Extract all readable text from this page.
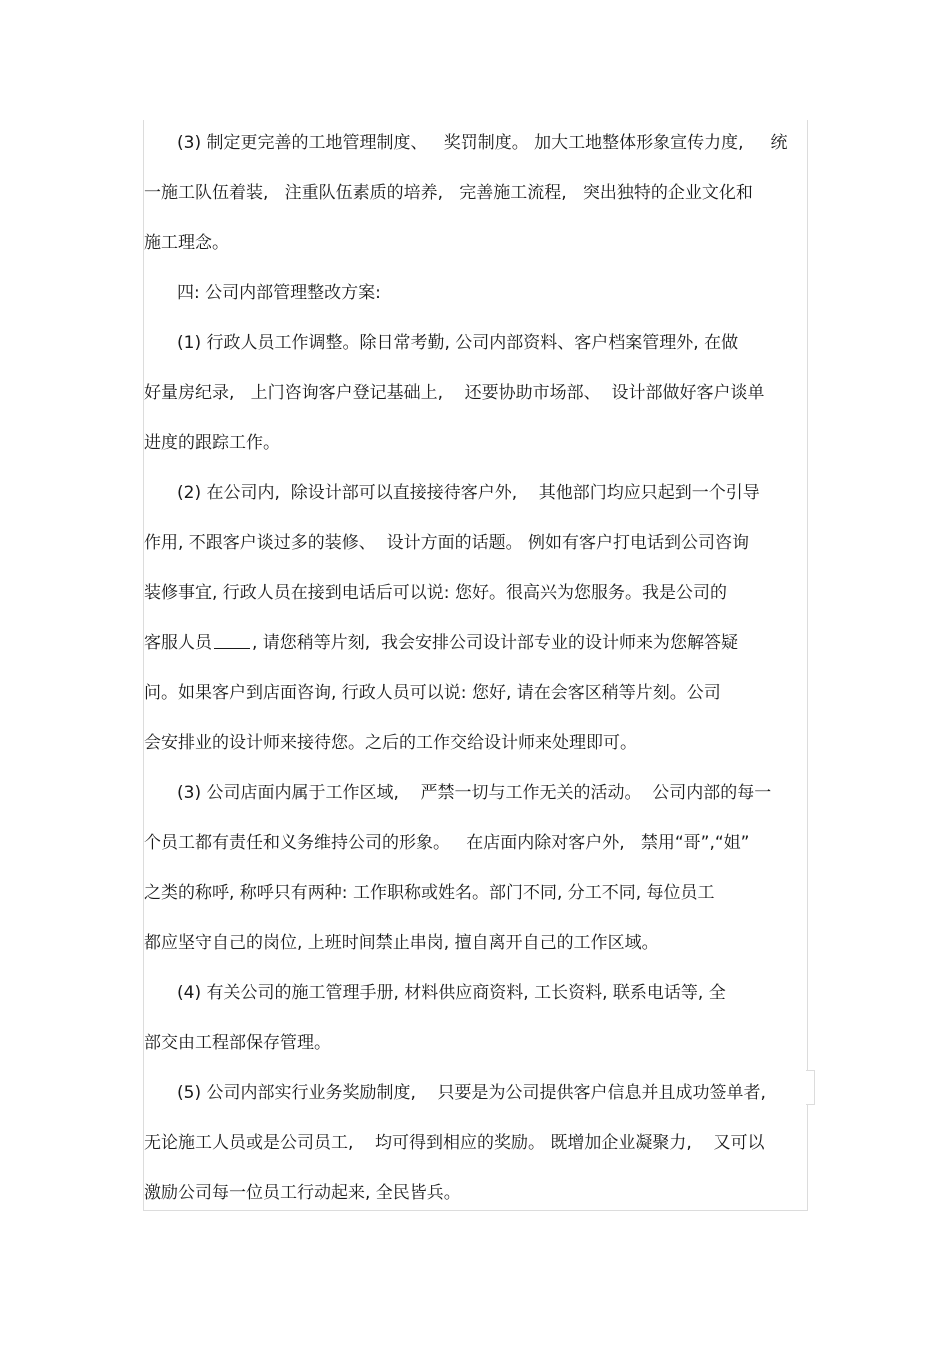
(3) 制定更完善的工地管理制度、   奖罚制度。 加大工地整体形象宣传力度,     统
一施工队伍着装,   注重队伍素质的培养,   完善施工流程,   突出独特的企业文化和
施工理念。
四: 公司内部管理整改方案:
(1) 行政人员工作调整。除日常考勤, 公司内部资料、客户档案管理外, 在做
好量房纪录,   上门咨询客户登记基础上,    还要协助市场部、  设计部做好客户谈单
进度的跟踪工作。
(2) 在公司内,  除设计部可以直接接待客户外,    其他部门均应只起到一个引导
作用, 不跟客户谈过多的装修、  设计方面的话题。 例如有客户打电话到公司咨询
装修事宜, 行政人员在接到电话后可以说: 您好。很高兴为您服务。我是公司的
客服人员 , 请您稍等片刻,  我会安排公司设计部专业的设计师来为您解答疑
问。如果客户到店面咨询, 行政人员可以说: 您好, 请在会客区稍等片刻。公司
会安排业的设计师来接待您。之后的工作交给设计师来处理即可。
(3) 公司店面内属于工作区域,    严禁一切与工作无关的活动。  公司内部的每一
个员工都有责任和义务维持公司的形象。   在店面内除对客户外,   禁用“哥”,“姐”
之类的称呼, 称呼只有两种: 工作职称或姓名。部门不同, 分工不同, 每位员工
都应坚守自己的岗位, 上班时间禁止串岗, 擅自离开自己的工作区域。
(4) 有关公司的施工管理手册, 材料供应商资料, 工长资料, 联系电话等, 全
部交由工程部保存管理。
(5) 公司内部实行业务奖励制度,    只要是为公司提供客户信息并且成功签单者,
无论施工人员或是公司员工,    均可得到相应的奖励。 既增加企业凝聚力,    又可以
激励公司每一位员工行动起来, 全民皆兵。
